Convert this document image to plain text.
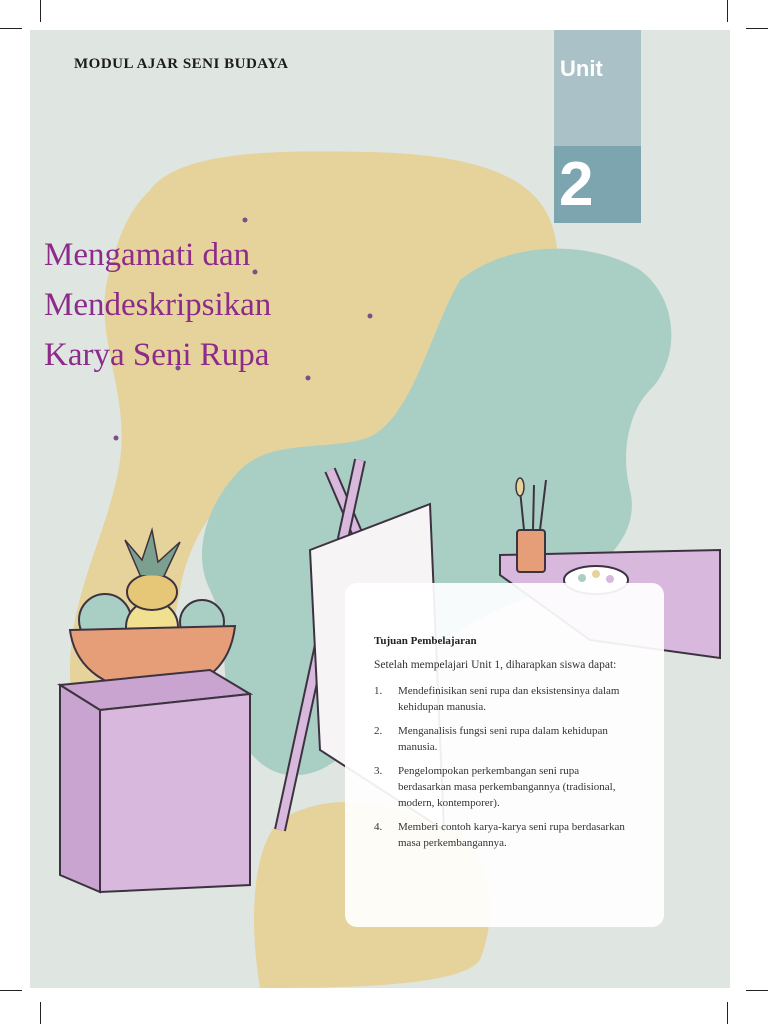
MODUL AJAR SENI BUDAYA	Unit
2
Mengamati dan
Mendeskripsikan
Karya Seni Rupa
Tujuan Pembelajaran
Setelah mempelajari Unit 1, diharapkan siswa dapat:
1.	Mendefinisikan seni rupa dan eksistensinya dalam kehidupan manusia.
2.	Menganalisis fungsi seni rupa dalam kehidupan manusia.
3.	Pengelompokan perkembangan seni rupa berdasarkan masa perkembangannya (tradisional, modern, kontemporer).
4.	Memberi contoh karya-karya seni rupa berdasarkan masa perkembangannya.
